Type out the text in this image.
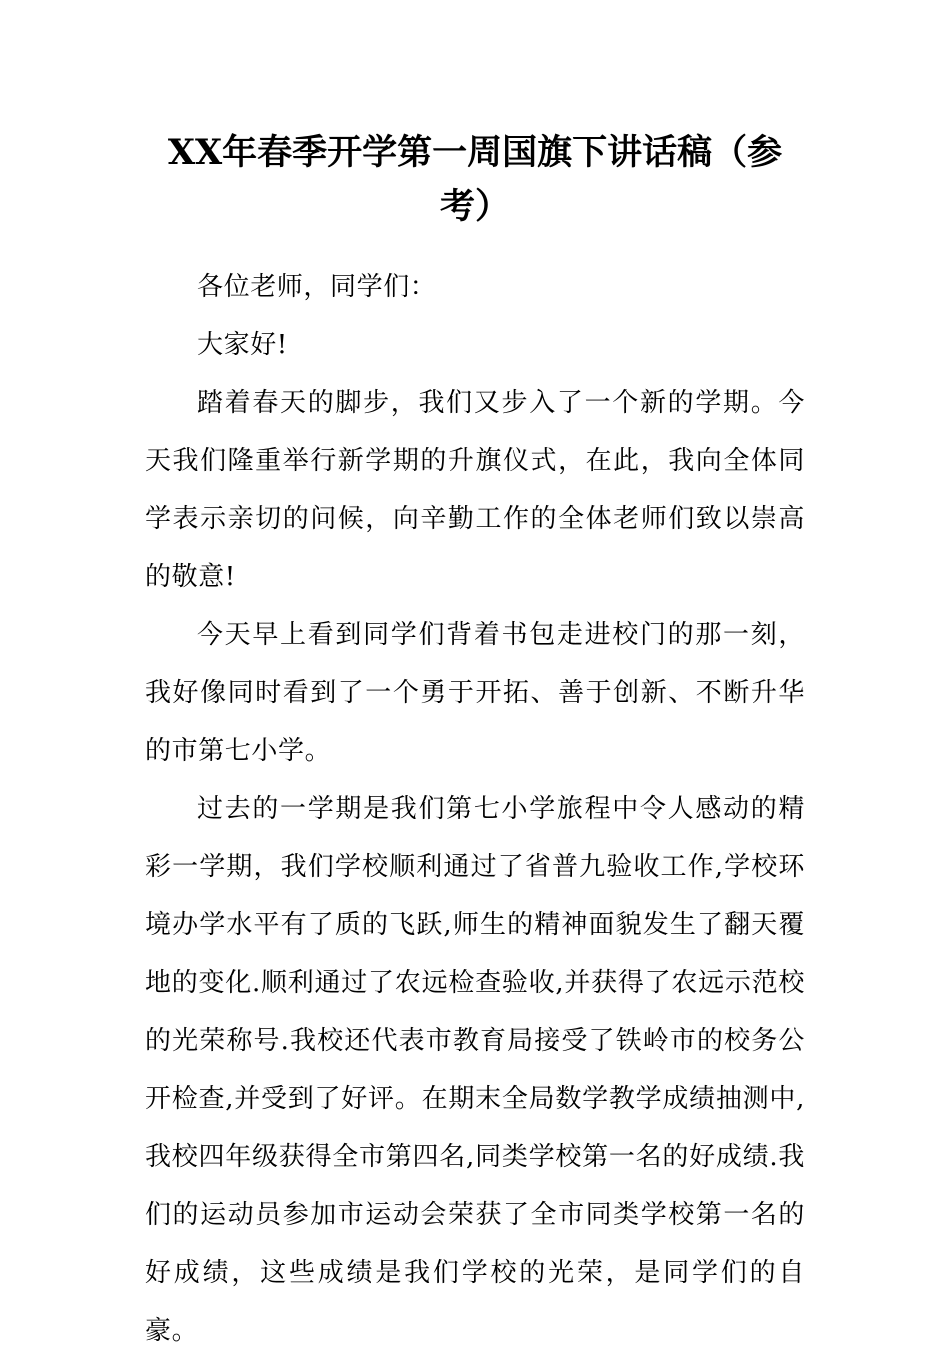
XX年春季开学第一周国旗下讲话稿（参考）

各位老师，同学们：

大家好!

踏着春天的脚步，我们又步入了一个新的学期。今天我们隆重举行新学期的升旗仪式，在此，我向全体同学表示亲切的问候，向辛勤工作的全体老师们致以崇高的敬意!

今天早上看到同学们背着书包走进校门的那一刻，我好像同时看到了一个勇于开拓、善于创新、不断升华的市第七小学。

过去的一学期是我们第七小学旅程中令人感动的精彩一学期，我们学校顺利通过了省普九验收工作,学校环境办学水平有了质的飞跃,师生的精神面貌发生了翻天覆地的变化.顺利通过了农远检查验收,并获得了农远示范校的光荣称号.我校还代表市教育局接受了铁岭市的校务公开检查,并受到了好评。在期末全局数学教学成绩抽测中,我校四年级获得全市第四名,同类学校第一名的好成绩.我们的运动员参加市运动会荣获了全市同类学校第一名的好成绩，这些成绩是我们学校的光荣，是同学们的自豪。
